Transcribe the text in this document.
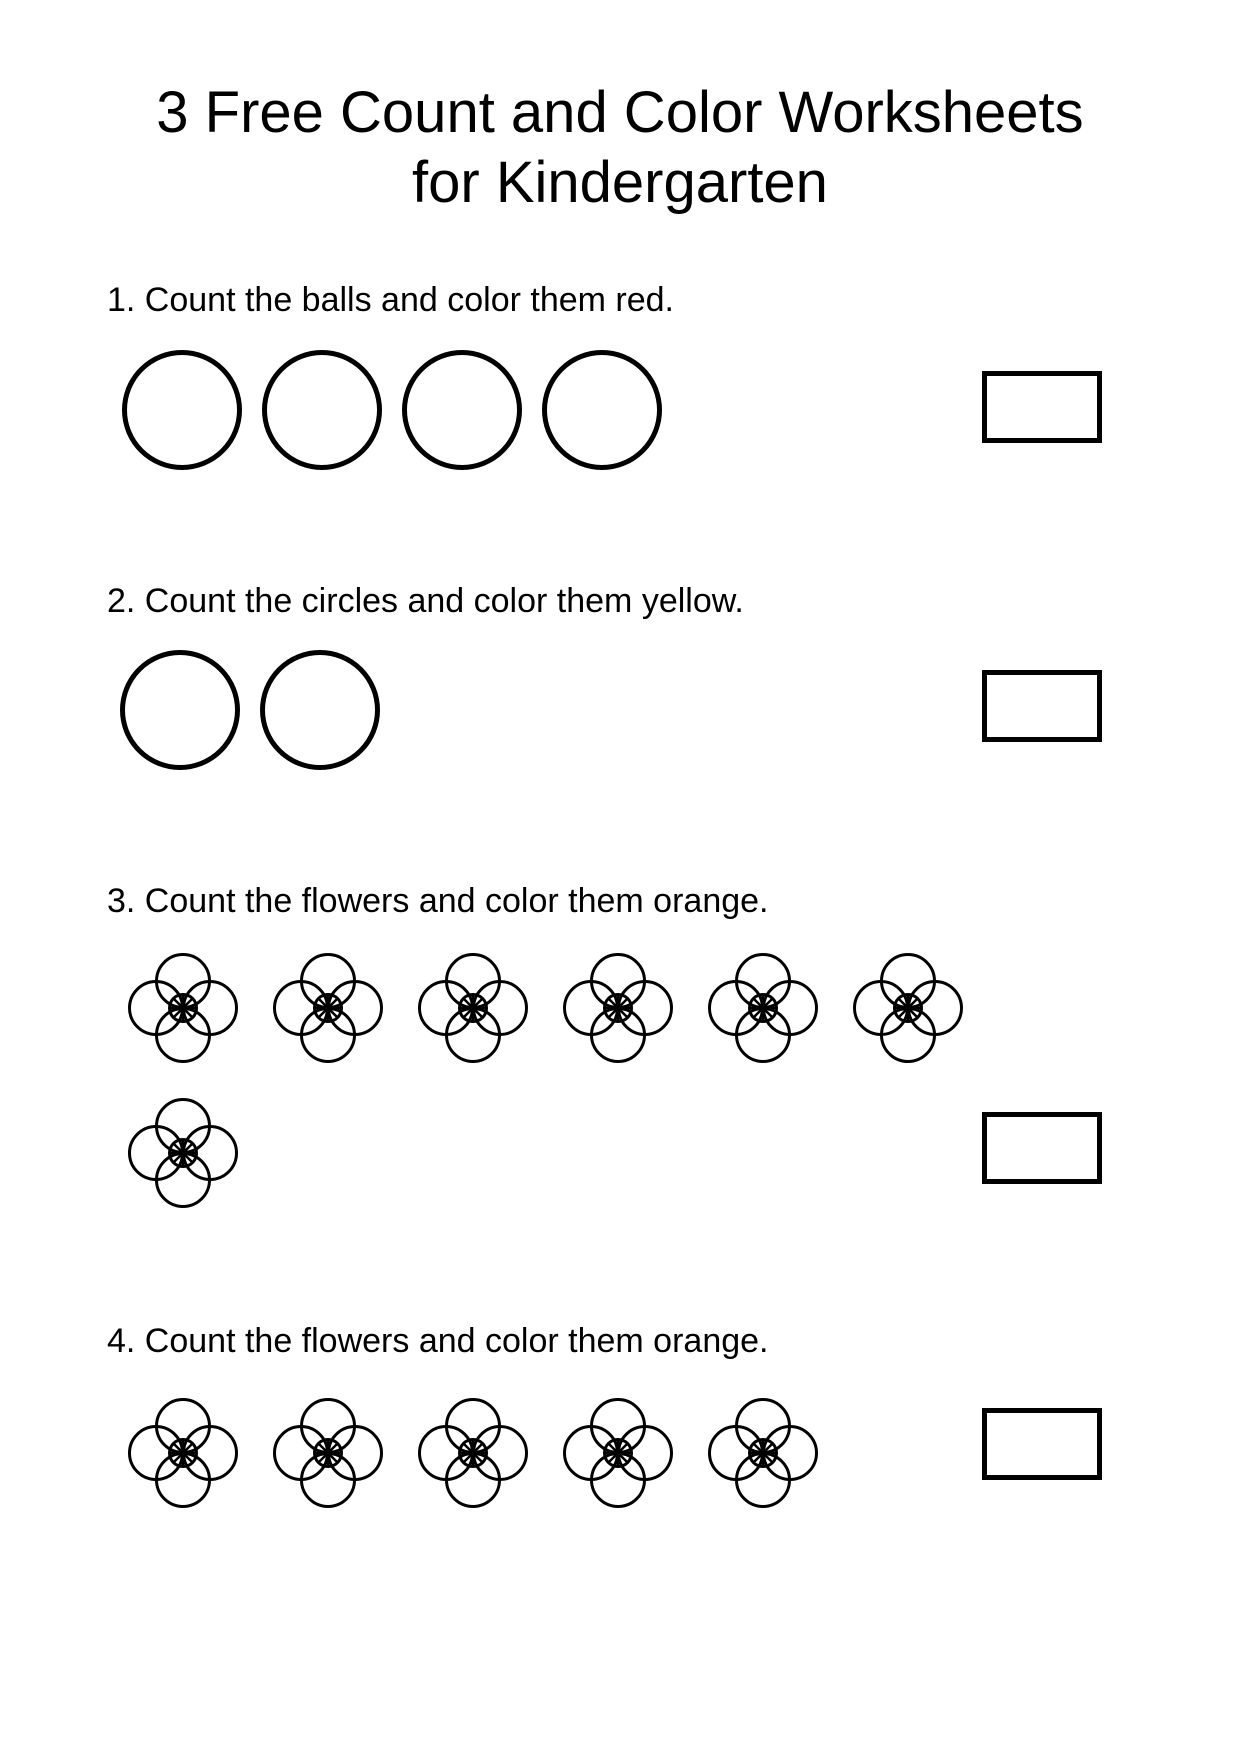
3 Free Count and Color Worksheets
for Kindergarten
1. Count the balls and color them red.
2. Count the circles and color them yellow.
3. Count the flowers and color them orange.
4. Count the flowers and color them orange.
